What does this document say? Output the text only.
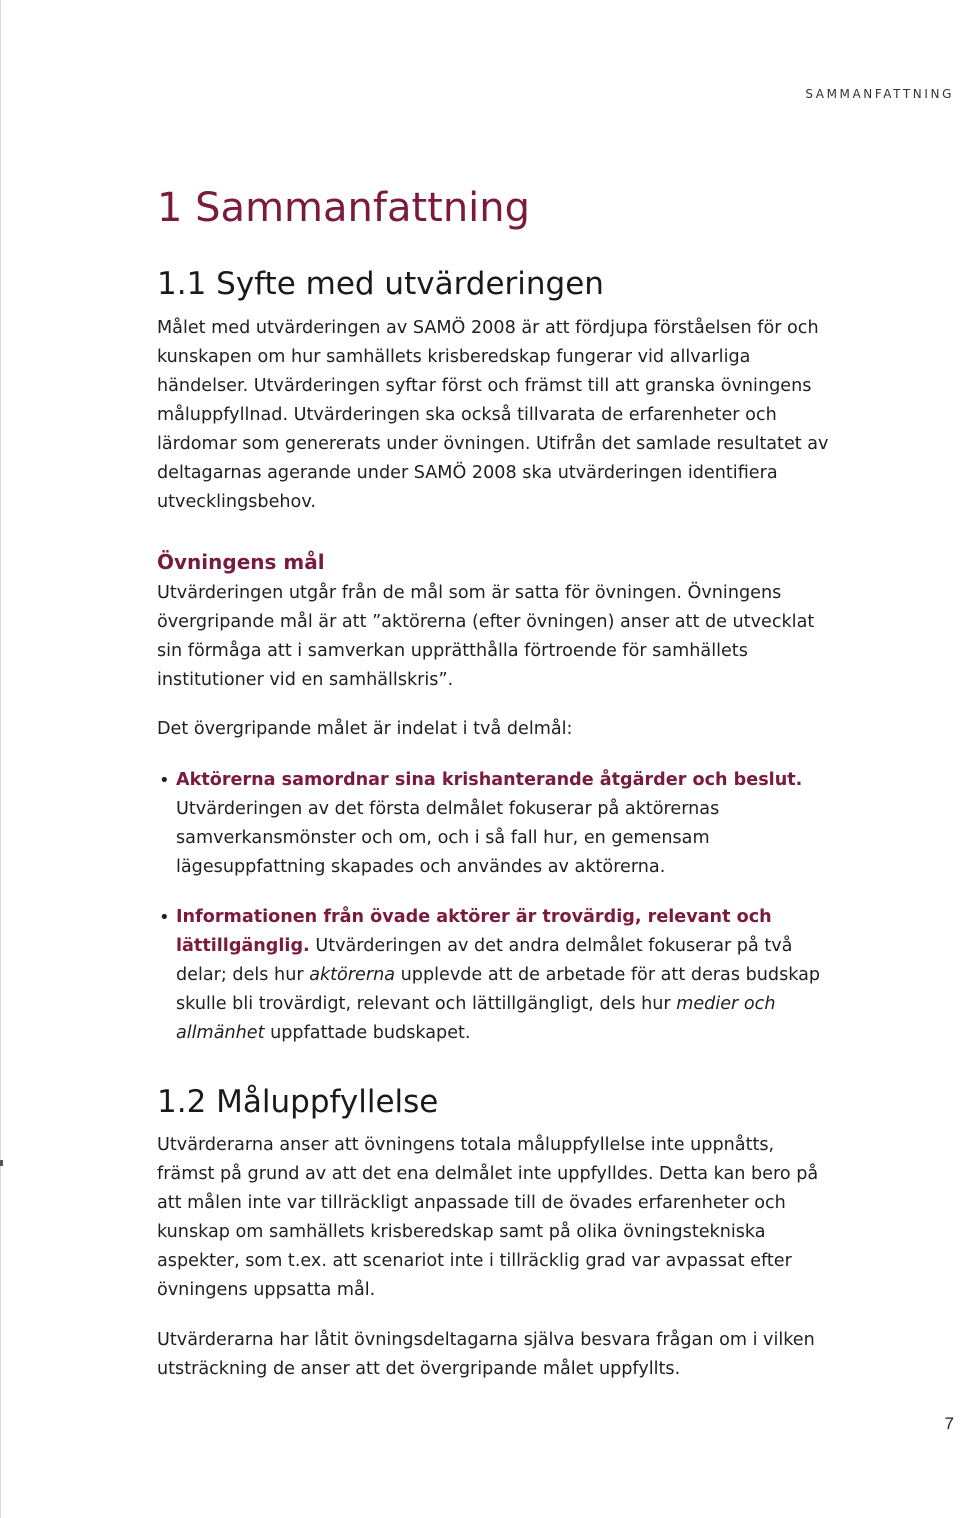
SAMMANFATTNING
1 Sammanfattning
1.1 Syfte med utvärderingen

Målet med utvärderingen av SAMÖ 2008 är att fördjupa förståelsen för och kunskapen om hur samhällets krisberedskap fungerar vid allvarliga händelser. Utvärderingen syftar först och främst till att granska övningens måluppfyllnad. Utvärderingen ska också tillvarata de erfarenheter och lärdomar som genererats under övningen. Utifrån det samlade resultatet av deltagarnas agerande under SAMÖ 2008 ska utvärderingen identifiera utvecklingsbehov.

Övningens mål

Utvärderingen utgår från de mål som är satta för övningen. Övningens övergripande mål är att ”aktörerna (efter övningen) anser att de utvecklat sin förmåga att i samverkan upprätthålla förtroende för samhällets institutioner vid en samhällskris”.

Det övergripande målet är indelat i två delmål:

• Aktörerna samordnar sina krishanterande åtgärder och beslut. Utvärderingen av det första delmålet fokuserar på aktörernas samverkansmönster och om, och i så fall hur, en gemensam lägesuppfattning skapades och användes av aktörerna.

• Informationen från övade aktörer är trovärdig, relevant och lättillgänglig. Utvärderingen av det andra delmålet fokuserar på två delar; dels hur aktörerna upplevde att de arbetade för att deras budskap skulle bli trovärdigt, relevant och lättillgängligt, dels hur medier och allmänhet uppfattade budskapet.

1.2 Måluppfyllelse

Utvärderarna anser att övningens totala måluppfyllelse inte uppnåtts, främst på grund av att det ena delmålet inte uppfylldes. Detta kan bero på att målen inte var tillräckligt anpassade till de övades erfarenheter och kunskap om samhällets krisberedskap samt på olika övningstekniska aspekter, som t.ex. att scenariot inte i tillräcklig grad var avpassat efter övningens uppsatta mål.

Utvärderarna har låtit övningsdeltagarna själva besvara frågan om i vilken utsträckning de anser att det övergripande målet uppfyllts.

7
